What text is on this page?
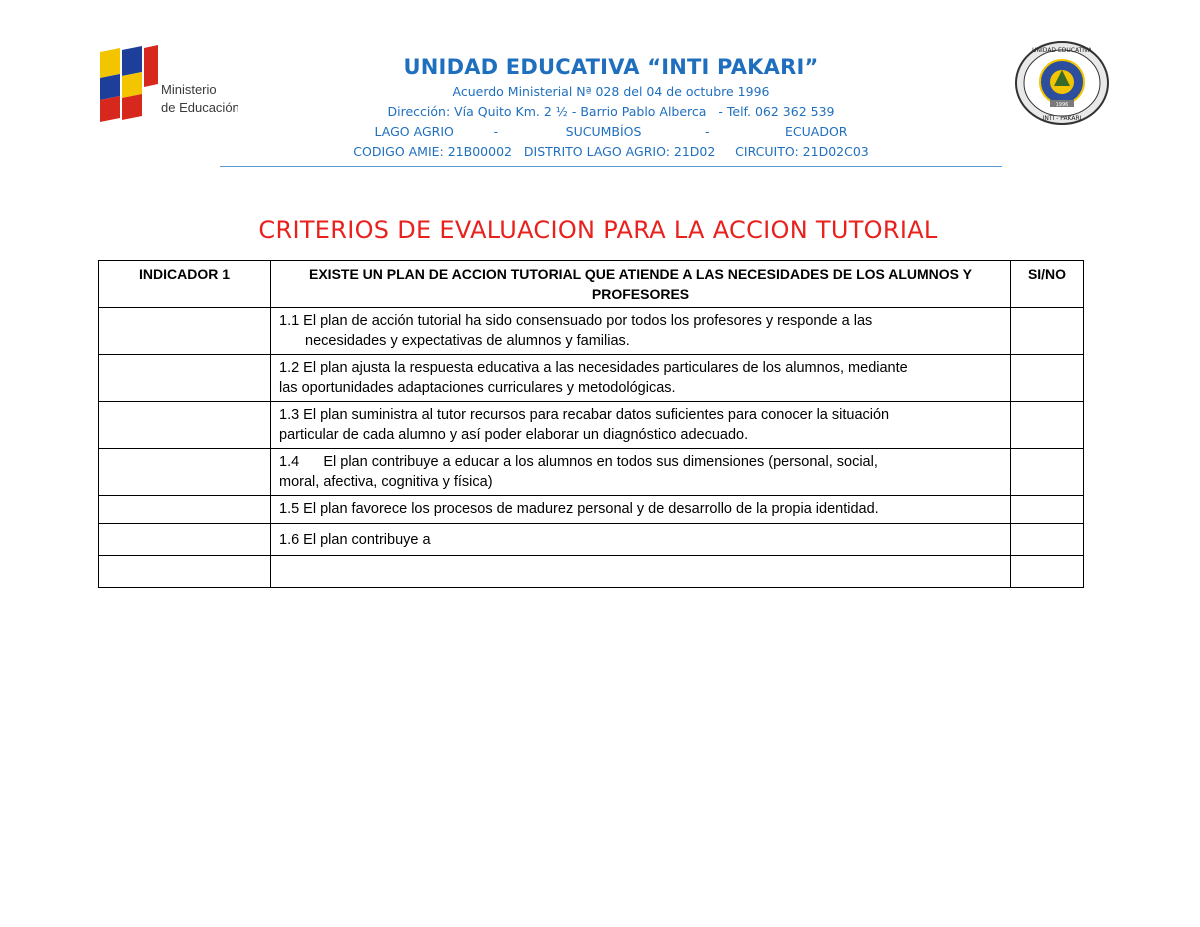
Ministerio
de Educación	1996
UNIDAD EDUCATIVA
INTI - PAKARI
UNIDAD EDUCATIVA “INTI PAKARI”
Acuerdo Ministerial Nª 028 del 04 de octubre 1996
Dirección: Vía Quito Km. 2 ½ - Barrio Pablo Alberca   - Telf. 062 362 539
LAGO AGRIO          -                 SUCUMBÍOS                -                   ECUADOR
CODIGO AMIE: 21B00002   DISTRITO LAGO AGRIO: 21D02     CIRCUITO: 21D02C03
CRITERIOS DE EVALUACION PARA LA ACCION TUTORIAL
INDICADOR 1	EXISTE UN PLAN DE ACCION TUTORIAL QUE ATIENDE A LAS NECESIDADES DE LOS ALUMNOS Y PROFESORES	SI/NO
	1.1 El plan de acción tutorial ha sido consensuado por todos los profesores y responde a las

necesidades y expectativas de alumnos y familias.	

	1.2 El plan ajusta la respuesta educativa a las necesidades particulares de los alumnos, mediante
las oportunidades adaptaciones curriculares y metodológicas.	
	1.3 El plan suministra al tutor recursos para recabar datos suficientes para conocer la situación
particular de cada alumno y así poder elaborar un diagnóstico adecuado.	
	1.4      El plan contribuye a educar a los alumnos en todos sus dimensiones (personal, social,
moral, afectiva, cognitiva y física)	
	1.5 El plan favorece los procesos de madurez personal y de desarrollo de la propia identidad.	
	1.6 El plan contribuye a	
